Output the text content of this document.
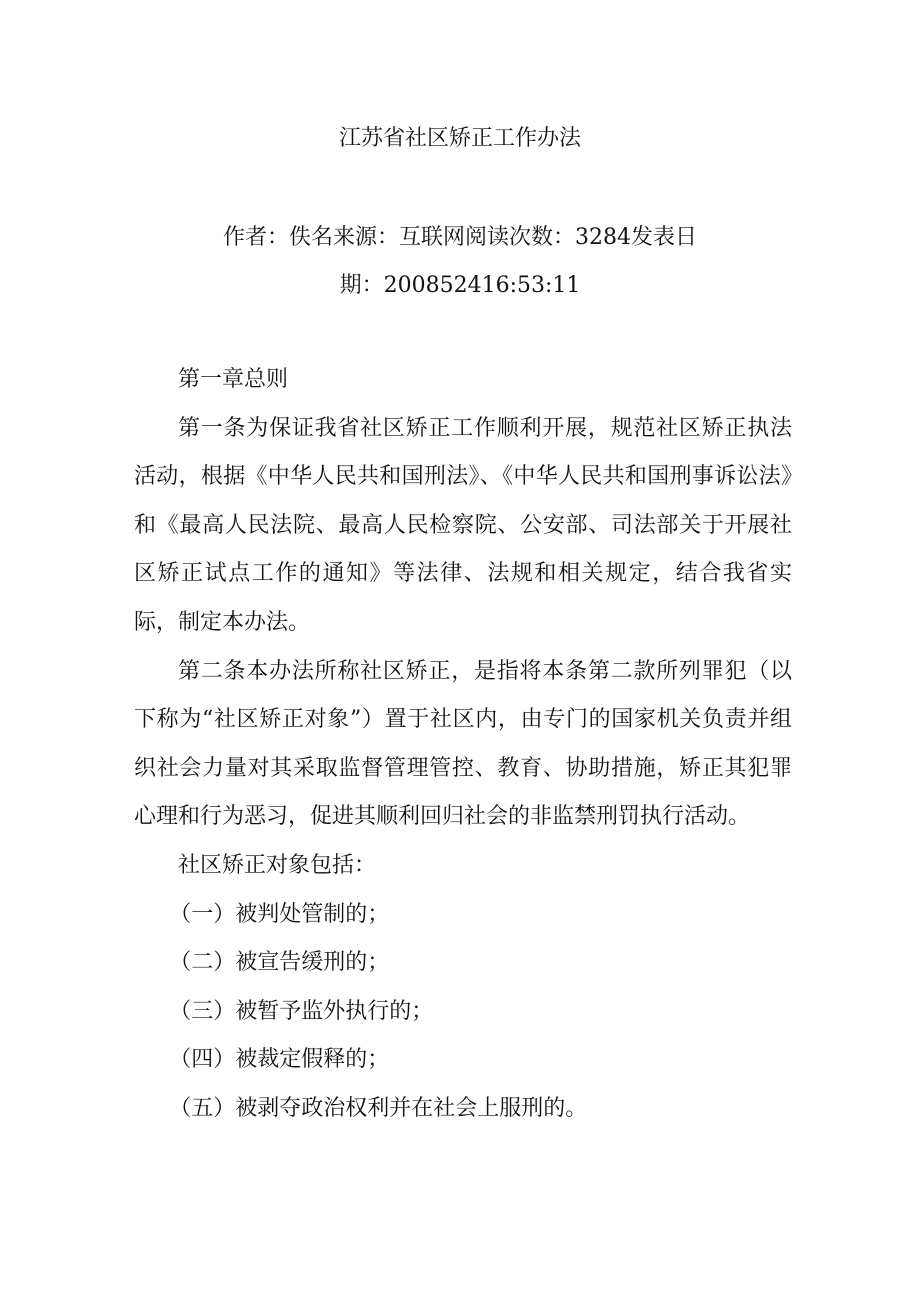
江苏省社区矫正工作办法
作者：佚名来源：互联网阅读次数：3284发表日期：200852416:53:11

第一章总则

第一条为保证我省社区矫正工作顺利开展，规范社区矫正执法活动，根据《中华人民共和国刑法》、《中华人民共和国刑事诉讼法》和《最高人民法院、最高人民检察院、公安部、司法部关于开展社区矫正试点工作的通知》等法律、法规和相关规定，结合我省实际，制定本办法。

第二条本办法所称社区矫正，是指将本条第二款所列罪犯（以下称为“社区矫正对象”）置于社区内，由专门的国家机关负责并组织社会力量对其采取监督管理管控、教育、协助措施，矫正其犯罪心理和行为恶习，促进其顺利回归社会的非监禁刑罚执行活动。

社区矫正对象包括：

（一）被判处管制的；

（二）被宣告缓刑的；

（三）被暂予监外执行的；

（四）被裁定假释的；

（五）被剥夺政治权利并在社会上服刑的。
